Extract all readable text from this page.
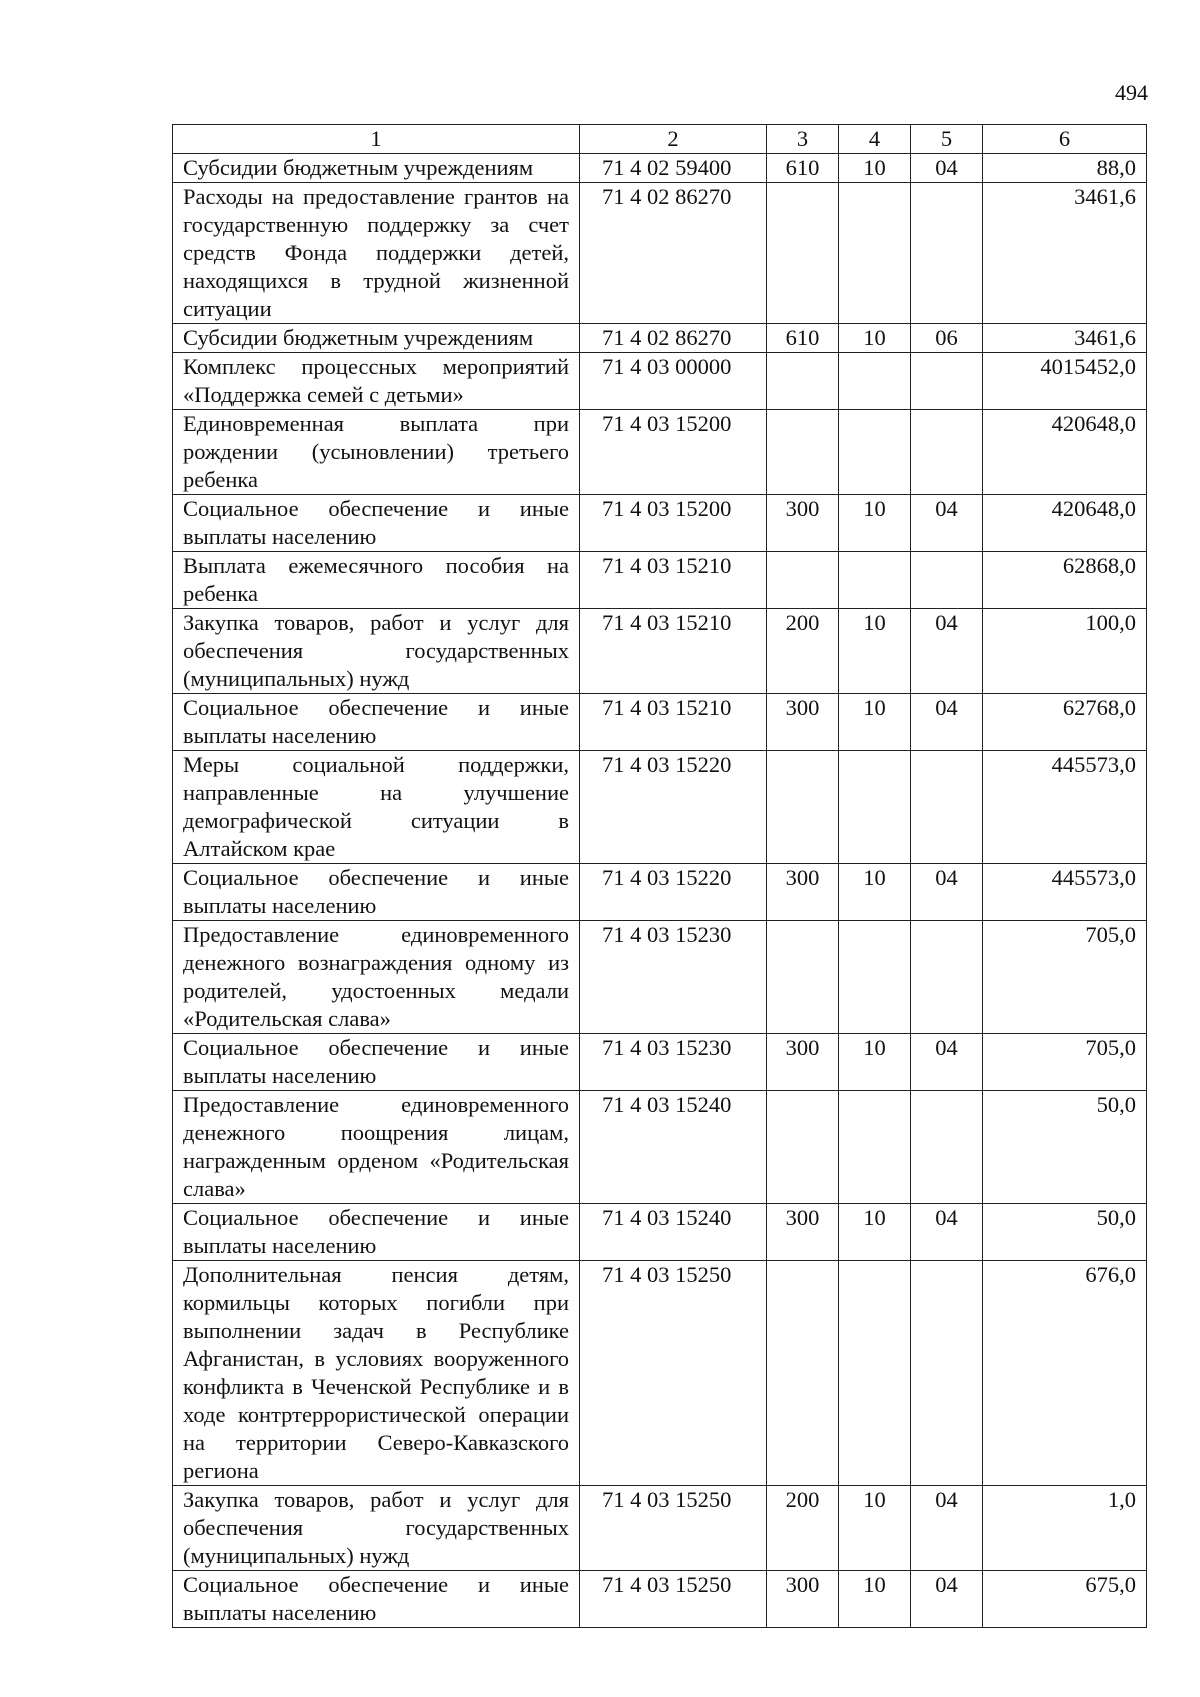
494
1	2	3	4	5	6
Субсидии бюджетным учреждениям	71 4 02 59400	610	10	04	88,0
Расходы на предоставление грантов на государственную поддержку за счет средств Фонда поддержки детей, находящихся в трудной жизненной ситуации	71 4 02 86270				3461,6
Субсидии бюджетным учреждениям	71 4 02 86270	610	10	06	3461,6
Комплекс процессных мероприятий «Поддержка семей с детьми»	71 4 03 00000				4015452,0
Единовременная выплата при рождении (усыновлении) третьего ребенка	71 4 03 15200				420648,0
Социальное обеспечение и иные выплаты населению	71 4 03 15200	300	10	04	420648,0
Выплата ежемесячного пособия на ребенка	71 4 03 15210				62868,0
Закупка товаров, работ и услуг для обеспечения государственных (муниципальных) нужд	71 4 03 15210	200	10	04	100,0
Социальное обеспечение и иные выплаты населению	71 4 03 15210	300	10	04	62768,0
Меры социальной поддержки, направленные на улучшение демографической ситуации в Алтайском крае	71 4 03 15220				445573,0
Социальное обеспечение и иные выплаты населению	71 4 03 15220	300	10	04	445573,0
Предоставление единовременного денежного вознаграждения одному из родителей, удостоенных медали «Родительская слава»	71 4 03 15230				705,0
Социальное обеспечение и иные выплаты населению	71 4 03 15230	300	10	04	705,0
Предоставление единовременного денежного поощрения лицам, награжденным орденом «Родительская слава»	71 4 03 15240				50,0
Социальное обеспечение и иные выплаты населению	71 4 03 15240	300	10	04	50,0
Дополнительная пенсия детям, кормильцы которых погибли при выполнении задач в Республике Афганистан, в условиях вооруженного конфликта в Чеченской Республике и в ходе контртеррористической операции на территории Северо-Кавказского региона	71 4 03 15250				676,0
Закупка товаров, работ и услуг для обеспечения государственных (муниципальных) нужд	71 4 03 15250	200	10	04	1,0
Социальное обеспечение и иные выплаты населению	71 4 03 15250	300	10	04	675,0
